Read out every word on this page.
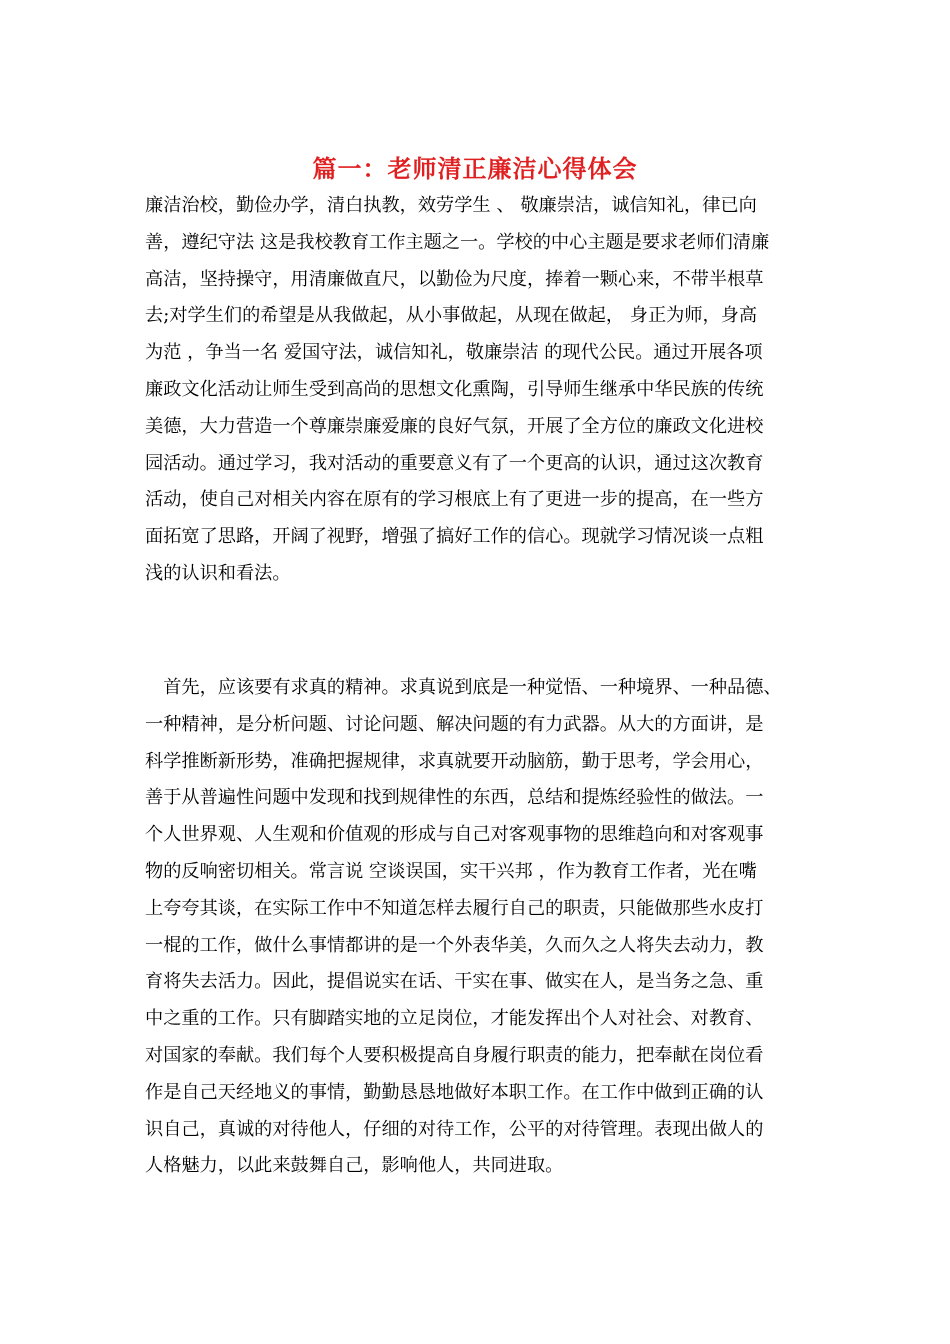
篇一：老师清正廉洁心得体会
廉洁治校，勤俭办学，清白执教，效劳学生 、 敬廉崇洁，诚信知礼，律已向
善，遵纪守法 这是我校教育工作主题之一。学校的中心主题是要求老师们清廉
高洁，坚持操守，用清廉做直尺，以勤俭为尺度，捧着一颗心来，不带半根草
去;对学生们的希望是从我做起，从小事做起，从现在做起， 身正为师，身高
为范 ，争当一名 爱国守法，诚信知礼，敬廉崇洁 的现代公民。通过开展各项
廉政文化活动让师生受到高尚的思想文化熏陶，引导师生继承中华民族的传统
美德，大力营造一个尊廉崇廉爱廉的良好气氛，开展了全方位的廉政文化进校
园活动。通过学习，我对活动的重要意义有了一个更高的认识，通过这次教育
活动，使自己对相关内容在原有的学习根底上有了更进一步的提高，在一些方
面拓宽了思路，开阔了视野，增强了搞好工作的信心。现就学习情况谈一点粗
浅的认识和看法。
　首先，应该要有求真的精神。求真说到底是一种觉悟、一种境界、一种品德、
一种精神，是分析问题、讨论问题、解决问题的有力武器。从大的方面讲，是
科学推断新形势，准确把握规律，求真就要开动脑筋，勤于思考，学会用心，
善于从普遍性问题中发现和找到规律性的东西，总结和提炼经验性的做法。一
个人世界观、人生观和价值观的形成与自己对客观事物的思维趋向和对客观事
物的反响密切相关。常言说 空谈误国，实干兴邦 ，作为教育工作者，光在嘴
上夸夸其谈，在实际工作中不知道怎样去履行自己的职责，只能做那些水皮打
一棍的工作，做什么事情都讲的是一个外表华美，久而久之人将失去动力，教
育将失去活力。因此，提倡说实在话、干实在事、做实在人，是当务之急、重
中之重的工作。只有脚踏实地的立足岗位，才能发挥出个人对社会、对教育、
对国家的奉献。我们每个人要积极提高自身履行职责的能力，把奉献在岗位看
作是自己天经地义的事情，勤勤恳恳地做好本职工作。在工作中做到正确的认
识自己，真诚的对待他人，仔细的对待工作，公平的对待管理。表现出做人的
人格魅力，以此来鼓舞自己，影响他人，共同进取。
